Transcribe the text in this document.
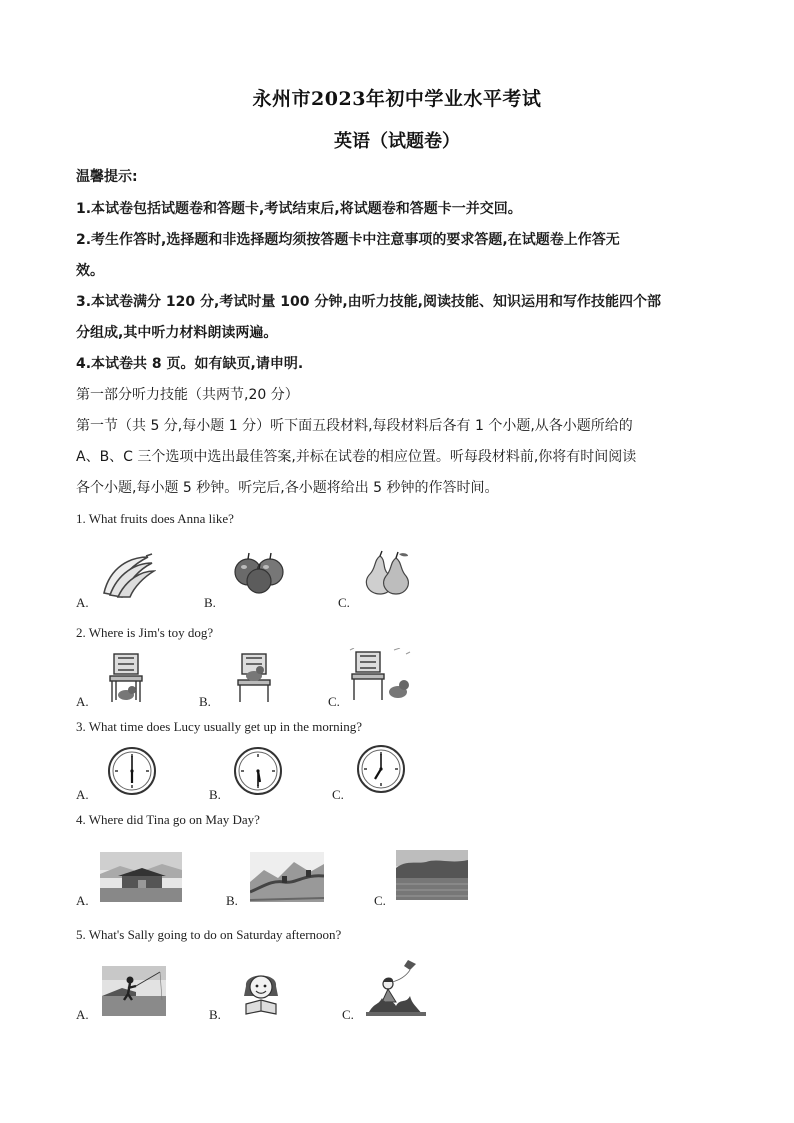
永州市2023年初中学业水平考试
英语（试题卷）
温馨提示:
1.本试卷包括试题卷和答题卡,考试结束后,将试题卷和答题卡一并交回。
2.考生作答时,选择题和非选择题均须按答题卡中注意事项的要求答题,在试题卷上作答无
效。
3.本试卷满分 120 分,考试时量 100 分钟,由听力技能,阅读技能、知识运用和写作技能四个部
分组成,其中听力材料朗读两遍。
4.本试卷共 8 页。如有缺页,请申明.
第一部分听力技能（共两节,20 分）
第一节（共 5 分,每小题 1 分）听下面五段材料,每段材料后各有 1 个小题,从各小题所给的
A、B、C 三个选项中选出最佳答案,并标在试卷的相应位置。听每段材料前,你将有时间阅读
各个小题,每小题 5 秒钟。听完后,各小题将给出 5 秒钟的作答时间。
1. What fruits does Anna like?
A.	B.	C.
2. Where is Jim's toy dog?
A.	B.	C.
3. What time does Lucy usually get up in the morning?
A.	B.	C.
4. Where did Tina go on May Day?
A.	B.	C.
5. What's Sally going to do on Saturday afternoon?
A.	B.	C.
